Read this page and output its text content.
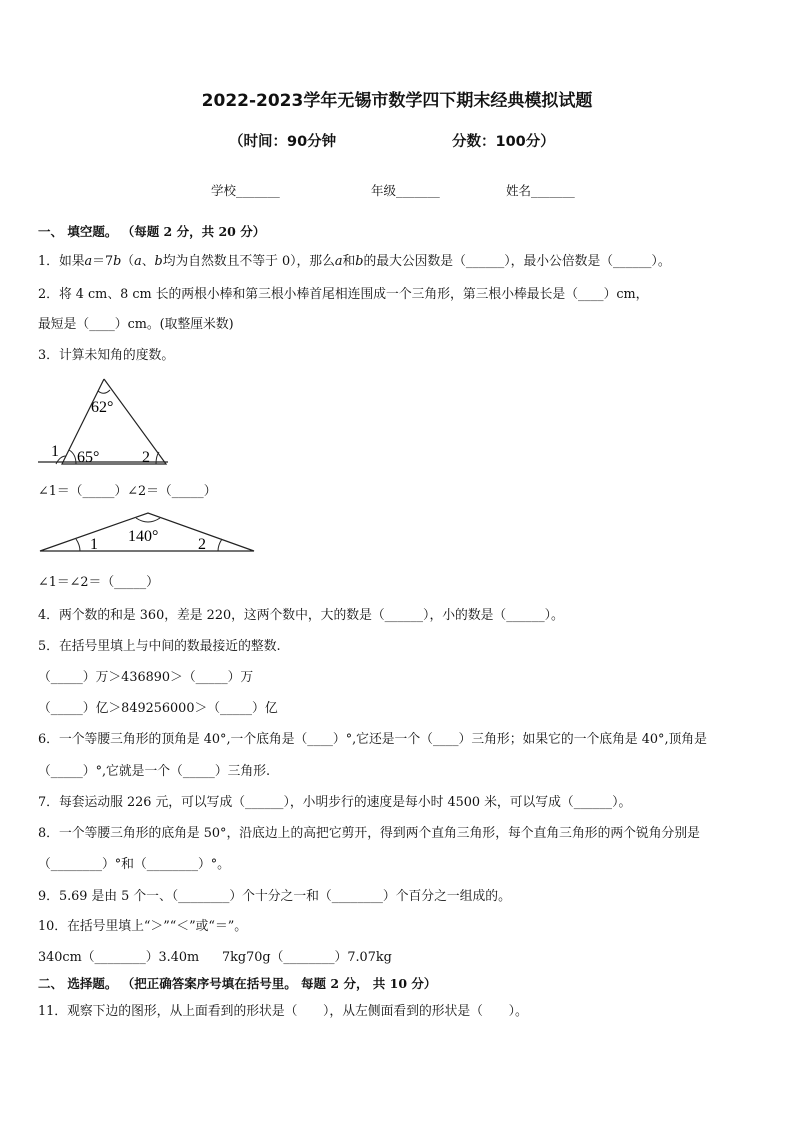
2022-2023学年无锡市数学四下期末经典模拟试题
（时间：90分钟	分数：100分）
学校_______	年级_______	姓名_______
一、 填空题。 （每题 2 分，共 20 分）
1．如果𝑎＝7𝑏（𝑎、𝑏均为自然数且不等于 0），那么𝑎和𝑏的最大公因数是（______），最小公倍数是（______）。
2．将 4 cm、8 cm 长的两根小棒和第三根小棒首尾相连围成一个三角形，第三根小棒最长是（____）cm，
最短是（____）cm。(取整厘米数)
3．计算未知角的度数。
62°
65°
1	2
∠1＝（_____）∠2＝（_____）
140°
1	2
∠1＝∠2＝（_____）
4．两个数的和是 360，差是 220，这两个数中，大的数是（______），小的数是（______）。
5．在括号里填上与中间的数最接近的整数.
（_____）万＞436890＞（_____）万
（_____）亿＞849256000＞（_____）亿
6．一个等腰三角形的顶角是 40°,一个底角是（____）°,它还是一个（____）三角形；如果它的一个底角是 40°,顶角是
（_____）°,它就是一个（_____）三角形.
7．每套运动服 226 元，可以写成（______），小明步行的速度是每小时 4500 米，可以写成（______）。
8．一个等腰三角形的底角是 50°，沿底边上的高把它剪开，得到两个直角三角形，每个直角三角形的两个锐角分别是
（________）°和（________）°。
9．5.69 是由 5 个一、（________）个十分之一和（________）个百分之一组成的。
10．在括号里填上“＞”“＜”或“＝”。
340cm（________）3.40m 7kg70g（________）7.07kg
二、 选择题。 （把正确答案序号填在括号里。 每题 2 分， 共 10 分）
11．观察下边的图形，从上面看到的形状是（　　），从左侧面看到的形状是（　　）。
